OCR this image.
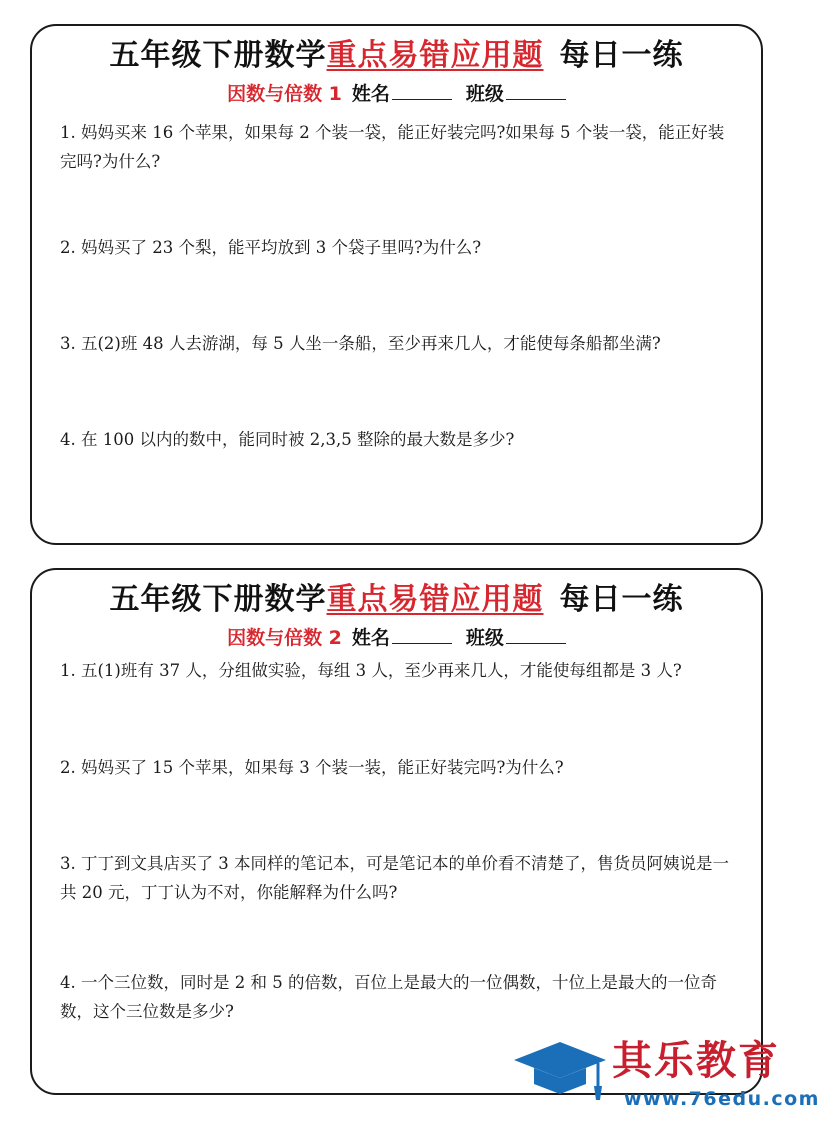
五年级下册数学重点易错应用题 每日一练
因数与倍数 1 姓名	班级
1. 妈妈买来 16 个苹果，如果每 2 个装一袋，能正好装完吗?如果每 5 个装一袋，能正好装完吗?为什么?
2. 妈妈买了 23 个梨，能平均放到 3 个袋子里吗?为什么?
3. 五(2)班 48 人去游湖，每 5 人坐一条船，至少再来几人，才能使每条船都坐满?
4. 在 100 以内的数中，能同时被 2,3,5 整除的最大数是多少?
五年级下册数学重点易错应用题 每日一练
因数与倍数 2 姓名	班级
1. 五(1)班有 37 人，分组做实验，每组 3 人，至少再来几人，才能使每组都是 3 人?
2. 妈妈买了 15 个苹果，如果每 3 个装一装，能正好装完吗?为什么?
3. 丁丁到文具店买了 3 本同样的笔记本，可是笔记本的单价看不清楚了，售货员阿姨说是一共 20 元，丁丁认为不对，你能解释为什么吗?
4. 一个三位数，同时是 2 和 5 的倍数，百位上是最大的一位偶数，十位上是最大的一位奇数，这个三位数是多少?
其乐教育
www.76edu.com
